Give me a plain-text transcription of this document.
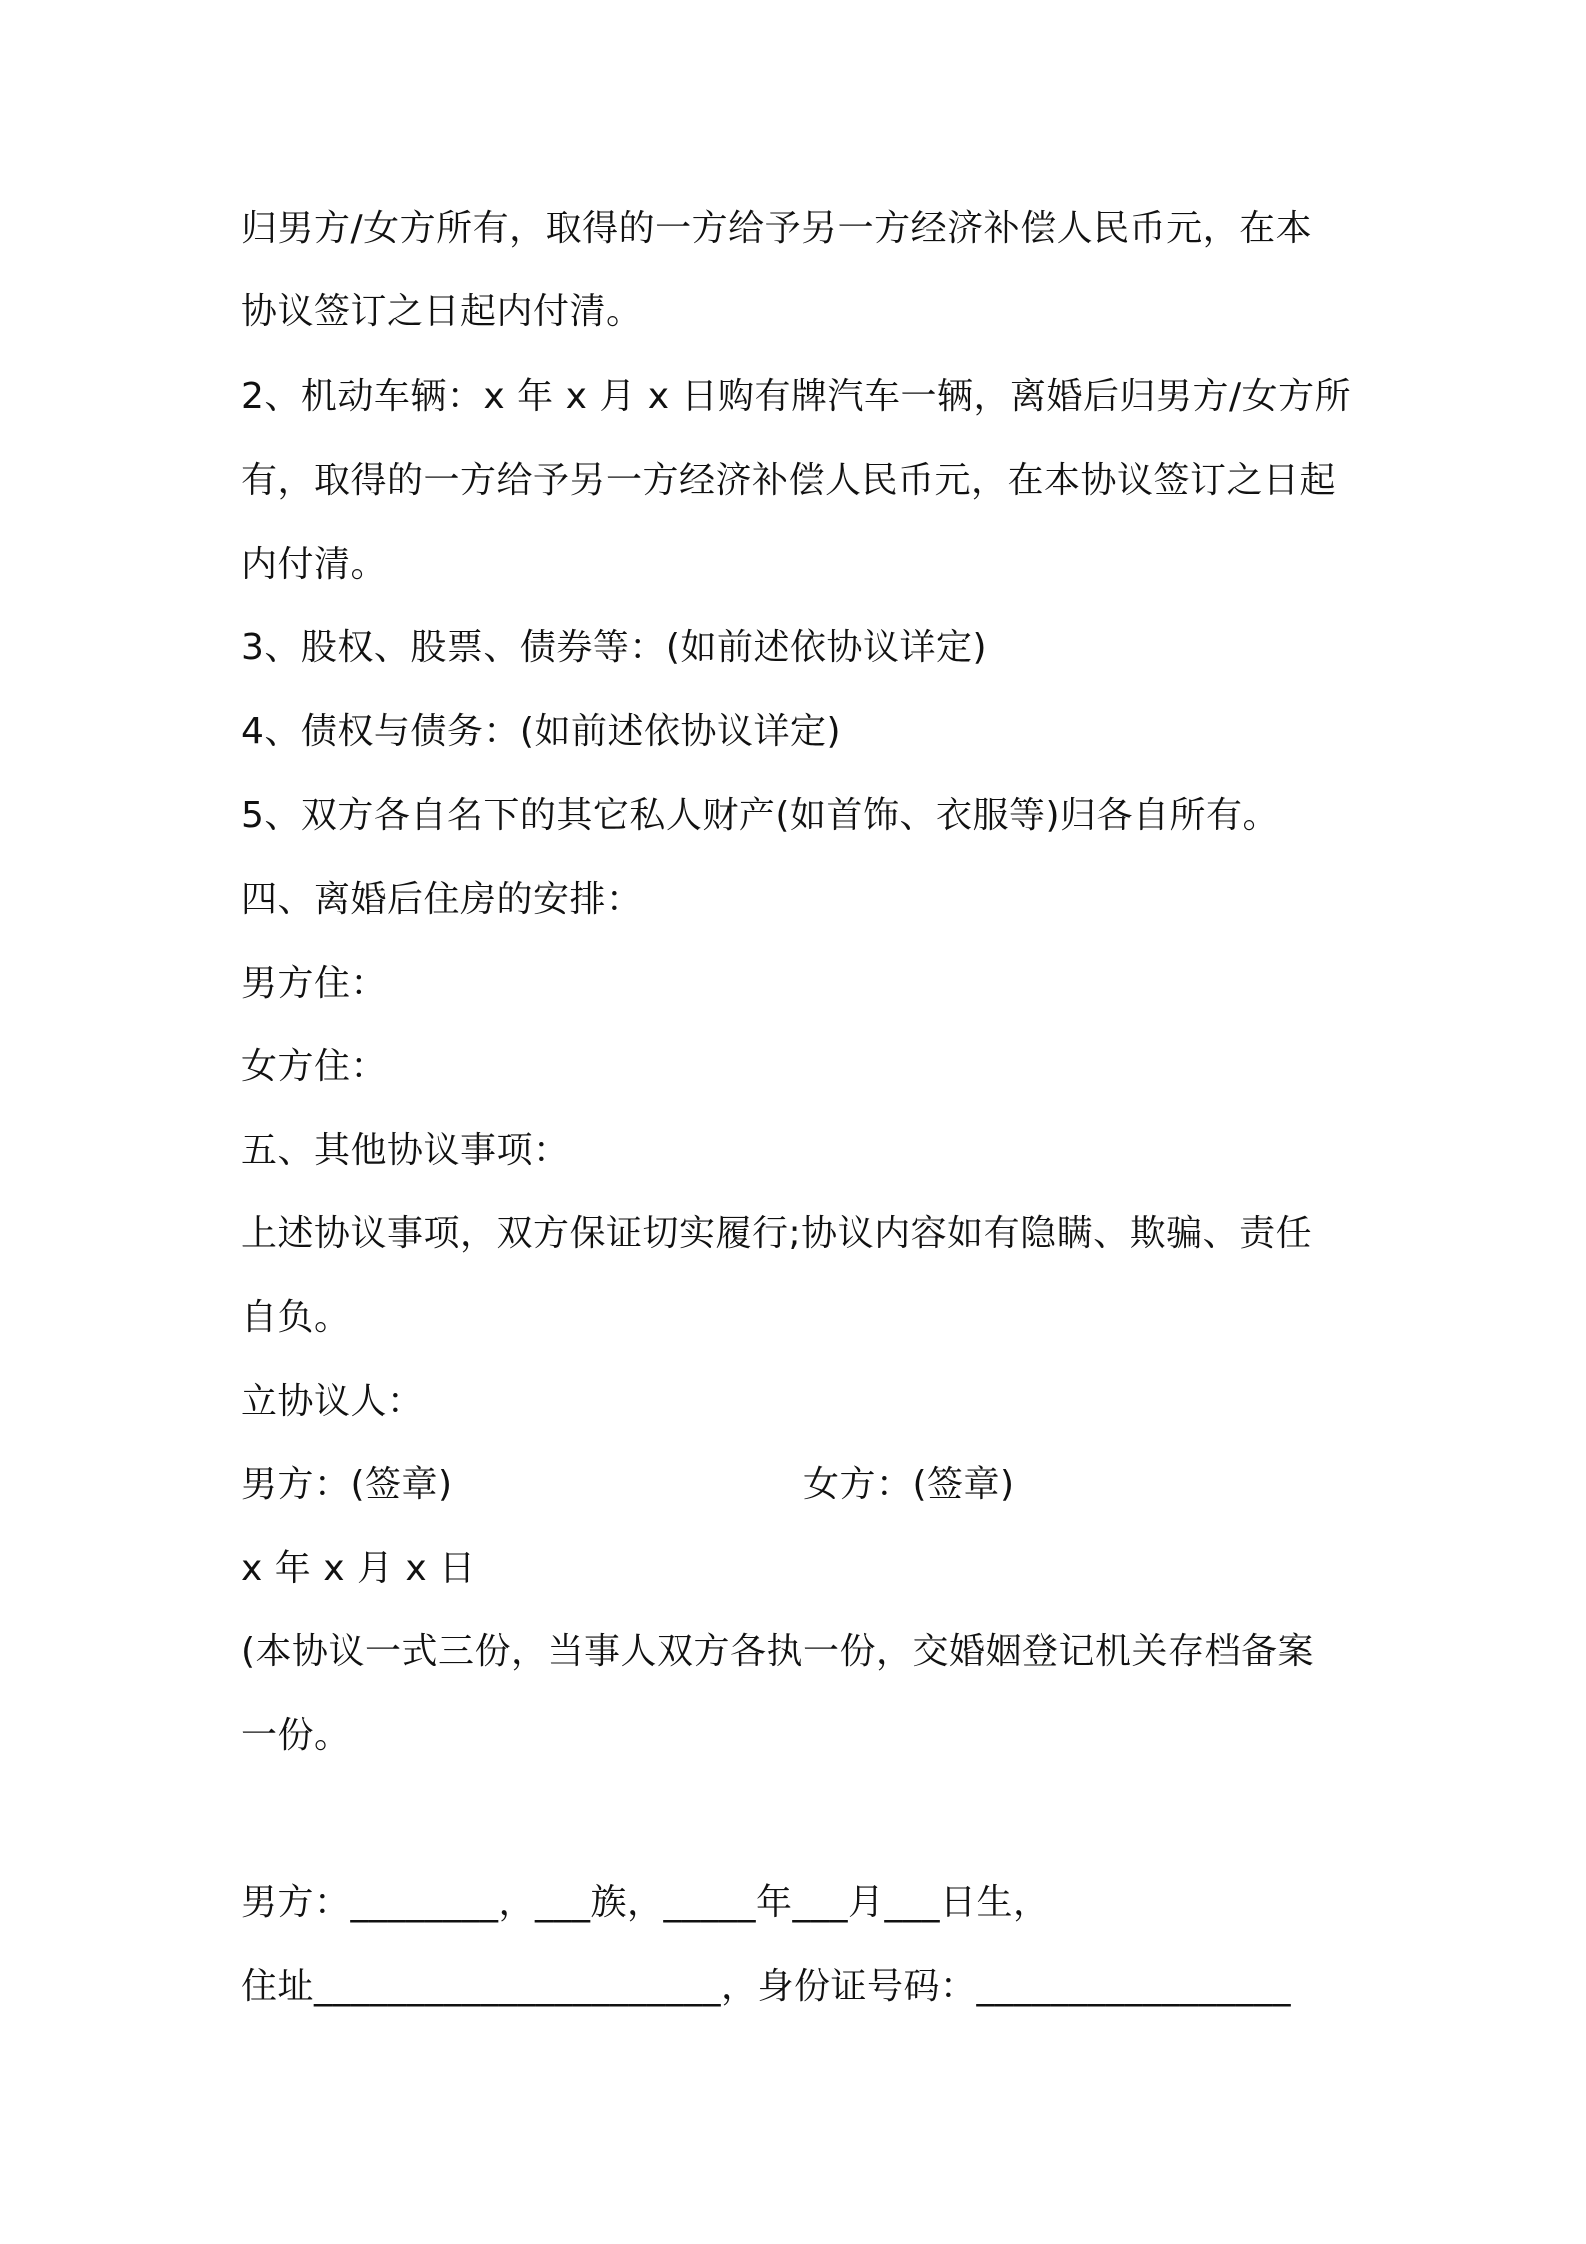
归男方/女方所有，取得的一方给予另一方经济补偿人民币元，在本
协议签订之日起内付清。
2、机动车辆：x 年 x 月 x 日购有牌汽车一辆，离婚后归男方/女方所
有，取得的一方给予另一方经济补偿人民币元，在本协议签订之日起
内付清。
3、股权、股票、债券等：(如前述依协议详定)
4、债权与债务：(如前述依协议详定)
5、双方各自名下的其它私人财产(如首饰、衣服等)归各自所有。
四、离婚后住房的安排：
男方住：
女方住：
五、其他协议事项：
上述协议事项，双方保证切实履行;协议内容如有隐瞒、欺骗、责任
自负。
立协议人：
男方：(签章)	女方：(签章)
x 年 x 月 x 日
(本协议一式三份，当事人双方各执一份，交婚姻登记机关存档备案
一份。
男方：________，___族，_____年___月___日生，
住址______________________，身份证号码：_________________
